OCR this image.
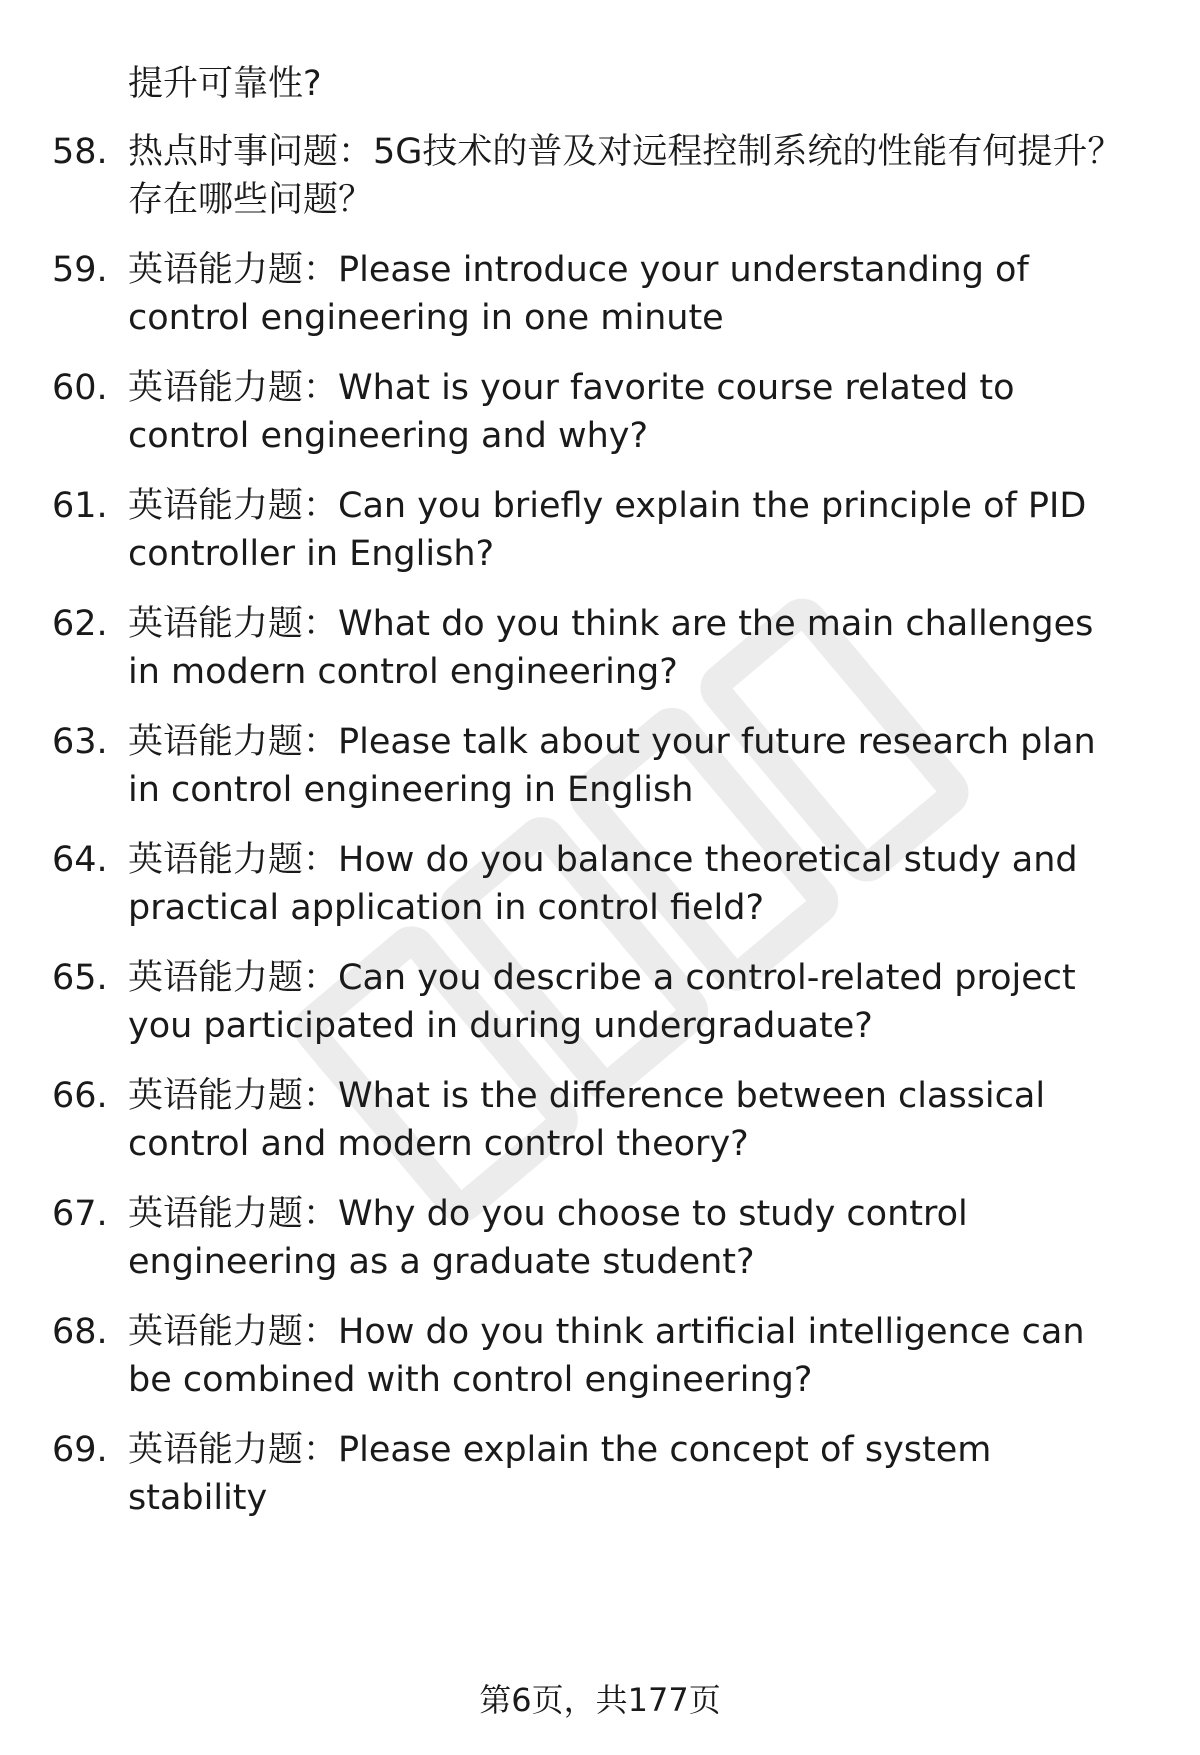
提升可靠性?

58. 热点时事问题：5G技术的普及对远程控制系统的性能有何提升？存在哪些问题？
59. 英语能力题：Please introduce your understanding of control engineering in one minute
60. 英语能力题：What is your favorite course related to control engineering and why?
61. 英语能力题：Can you briefly explain the principle of PID controller in English?
62. 英语能力题：What do you think are the main challenges in modern control engineering?
63. 英语能力题：Please talk about your future research plan in control engineering in English
64. 英语能力题：How do you balance theoretical study and practical application in control field?
65. 英语能力题：Can you describe a control-related project you participated in during undergraduate?
66. 英语能力题：What is the difference between classical control and modern control theory?
67. 英语能力题：Why do you choose to study control engineering as a graduate student?
68. 英语能力题：How do you think artificial intelligence can be combined with control engineering?
69. 英语能力题：Please explain the concept of system stability
第6页，共177页
